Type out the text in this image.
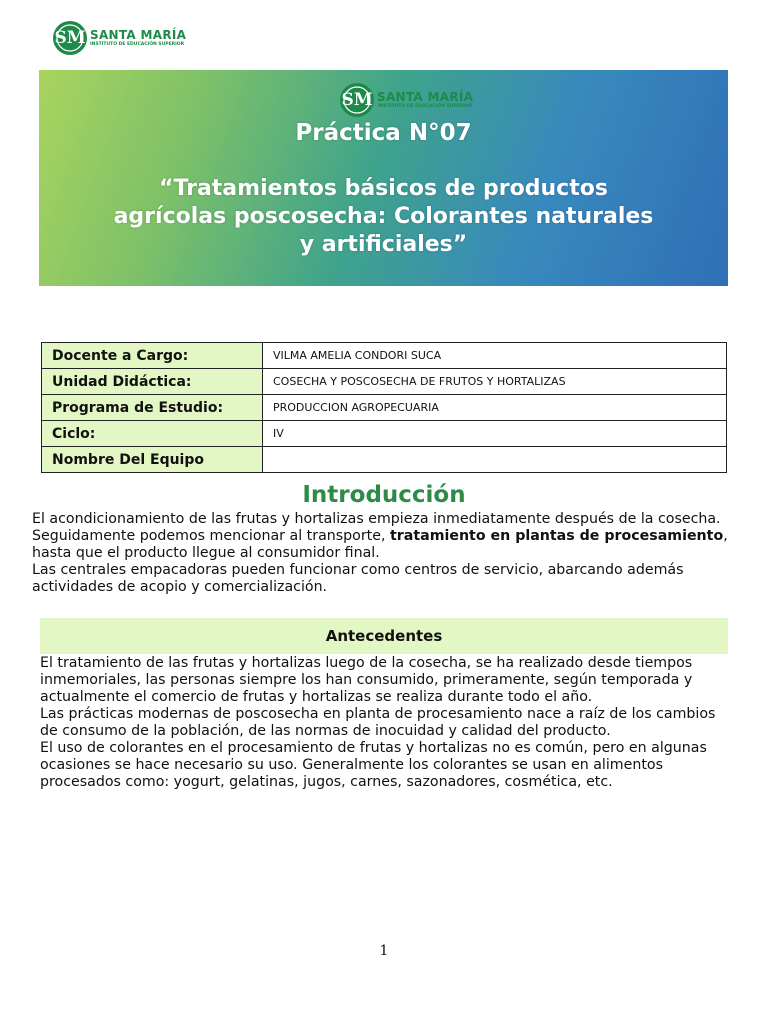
SM SANTA MARÍA
INSTITUTO DE EDUCACIÓN SUPERIOR
SM SANTA MARÍA
INSTITUTO DE EDUCACIÓN SUPERIOR
Práctica N°07
“Tratamientos básicos de productos
agrícolas poscosecha: Colorantes naturales
y artificiales”
Docente a Cargo:	VILMA AMELIA CONDORI SUCA
Unidad Didáctica:	COSECHA Y POSCOSECHA DE FRUTOS Y HORTALIZAS
Programa de Estudio:	PRODUCCION AGROPECUARIA
Ciclo:	IV
Nombre Del Equipo	
Introducción

El acondicionamiento de las frutas y hortalizas empieza inmediatamente después de la cosecha. Seguidamente podemos mencionar al transporte, tratamiento en plantas de procesamiento, hasta que el producto llegue al consumidor final.

Las centrales empacadoras pueden funcionar como centros de servicio, abarcando además actividades de acopio y comercialización.

Antecedentes

El tratamiento de las frutas y hortalizas luego de la cosecha, se ha realizado desde tiempos inmemoriales, las personas siempre los han consumido, primeramente, según temporada y actualmente el comercio de frutas y hortalizas se realiza durante todo el año.

Las prácticas modernas de poscosecha en planta de procesamiento nace a raíz de los cambios de consumo de la población, de las normas de inocuidad y calidad del producto.

El uso de colorantes en el procesamiento de frutas y hortalizas no es común, pero en algunas ocasiones se hace necesario su uso. Generalmente los colorantes se usan en alimentos procesados como: yogurt, gelatinas, jugos, carnes, sazonadores, cosmética, etc.

1
